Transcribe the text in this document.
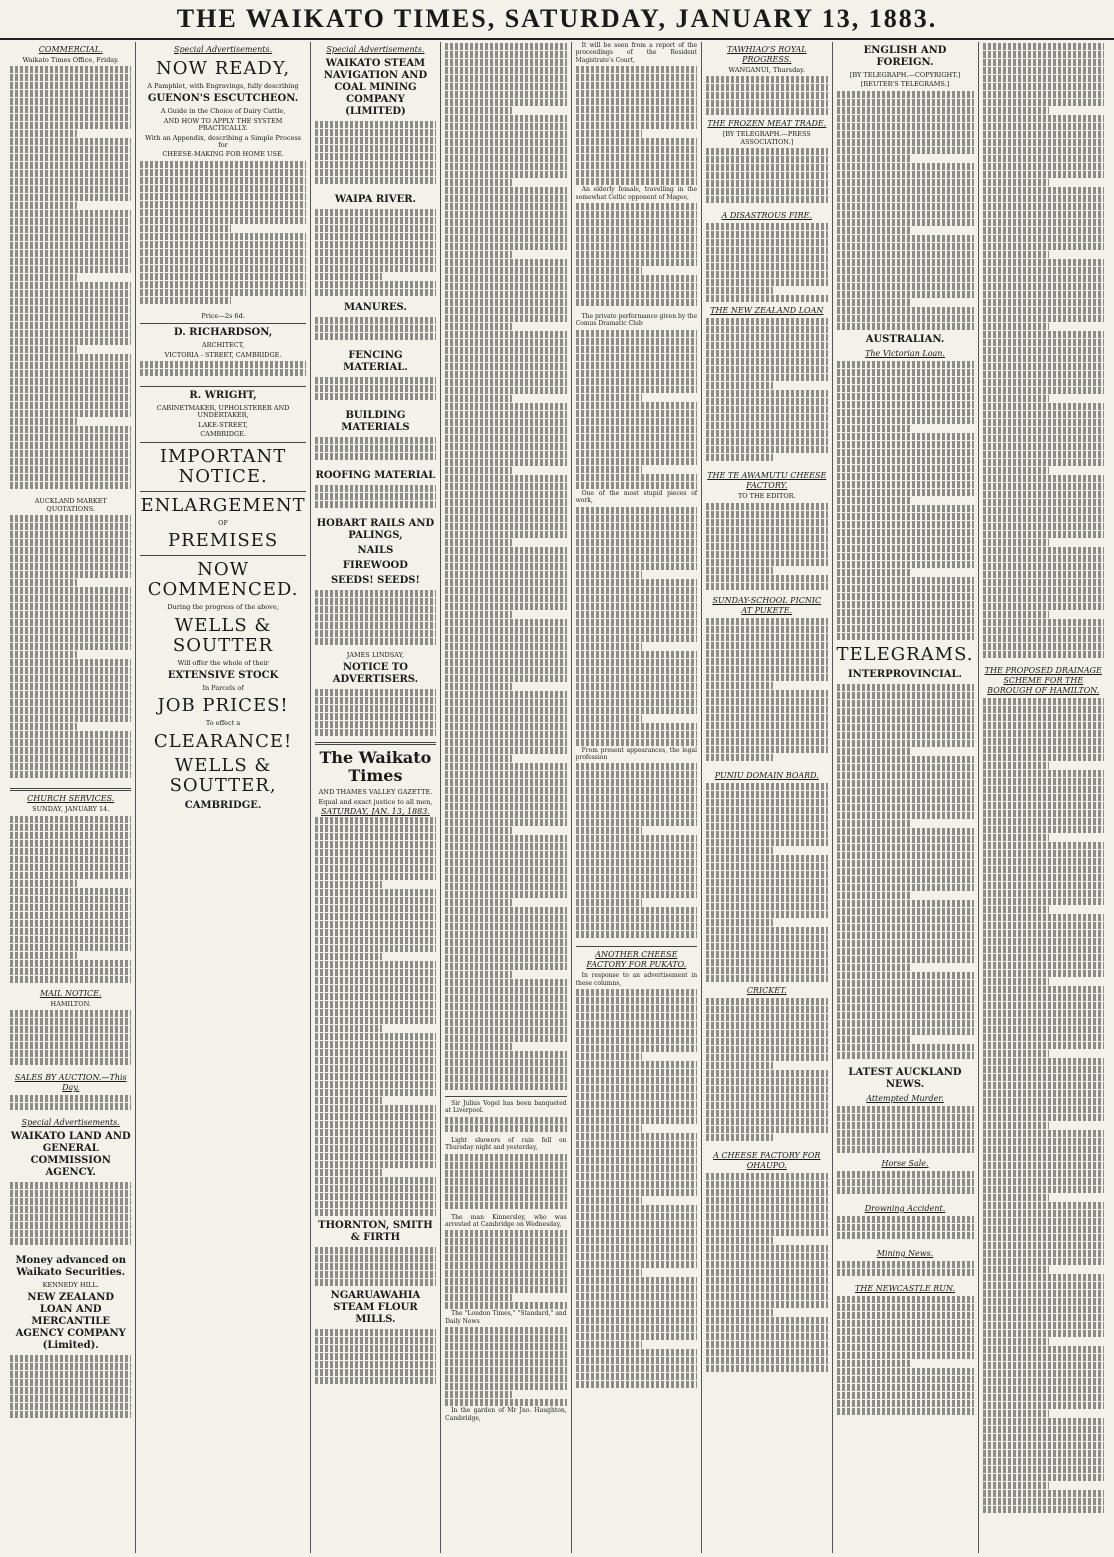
THE WAIKATO TIMES, SATURDAY, JANUARY 13, 1883.
COMMERCIAL.
Waikato Times Office, Friday.
AUCKLAND MARKET QUOTATIONS.
CHURCH SERVICES.
SUNDAY, JANUARY 14.
MAIL NOTICE.
HAMILTON.
SALES BY AUCTION.—This Day.
Special Advertisements.
WAIKATO LAND AND GENERAL COMMISSION AGENCY.
Money advanced on Waikato Securities.
KENNEDY HILL.
NEW ZEALAND LOAN AND MERCANTILE AGENCY COMPANY (Limited).
Special Advertisements.
NOW READY,
A Pamphlet, with Engravings, fully describing
GUENON'S ESCUTCHEON.
A Guide in the Choice of Dairy Cattle,
AND HOW TO APPLY THE SYSTEM PRACTICALLY.
With an Appendix, describing a Simple Process for
CHEESE-MAKING FOR HOME USE.
Price—2s 6d.
D. RICHARDSON,
ARCHITECT,
VICTORIA - STREET, CAMBRIDGE.
R. WRIGHT,
CABINETMAKER, UPHOLSTERER AND UNDERTAKER,
LAKE-STREET,
CAMBRIDGE.
IMPORTANT NOTICE.
ENLARGEMENT
OF
PREMISES
NOW COMMENCED.
During the progress of the above,
WELLS & SOUTTER
Will offer the whole of their
EXTENSIVE STOCK
In Parcels of
JOB PRICES!
To effect a
CLEARANCE!
WELLS & SOUTTER,
CAMBRIDGE.
Special Advertisements.
WAIKATO STEAM NAVIGATION AND COAL MINING COMPANY (LIMITED)
WAIPA RIVER.
MANURES.
FENCING MATERIAL.
BUILDING MATERIALS
ROOFING MATERIAL
HOBART RAILS AND PALINGS,
NAILS
FIREWOOD
SEEDS! SEEDS!
JAMES LINDSAY,
NOTICE TO ADVERTISERS.
The Waikato Times
AND THAMES VALLEY GAZETTE.
Equal and exact justice to all men,
SATURDAY, JAN. 13, 1883.
THORNTON, SMITH & FIRTH
NGARUAWAHIA STEAM FLOUR MILLS.

Sir Julius Vogel has been banqueted at Liverpool.

Light showers of rain fell on Thursday night and yesterday,

The man Kinnersley, who was arrested at Cambridge on Wednesday,

The "London Times," "Standard," and Daily News

In the garden of Mr Jno. Haughton, Cambridge,

It will be seen from a report of the proceedings of the Resident Magistrate's Court,

An elderly female, travelling in the somewhat Celtic opponent of Magee,

The private performance given by the Comus Dramatic Club

One of the most stupid pieces of work,

From present appearances, the legal profession

ANOTHER CHEESE FACTORY FOR PUKATO.

In response to an advertisement in these columns,

TAWHIAO'S ROYAL PROGRESS.
WANGANUI, Thursday.
THE FROZEN MEAT TRADE.
[BY TELEGRAPH.—PRESS ASSOCIATION.]
A DISASTROUS FIRE.
THE NEW ZEALAND LOAN
THE TE AWAMUTU CHEESE FACTORY.
TO THE EDITOR.
SUNDAY-SCHOOL PICNIC AT PUKETE.
PUNIU DOMAIN BOARD.
CRICKET.
A CHEESE FACTORY FOR OHAUPO.
ENGLISH AND FOREIGN.
[BY TELEGRAPH.—COPYRIGHT.]
[REUTER'S TELEGRAMS.]
AUSTRALIAN.
The Victorian Loan.
TELEGRAMS.
INTERPROVINCIAL.
LATEST AUCKLAND NEWS.
Attempted Murder.
Horse Sale.
Drowning Accident.
Mining News.
THE NEWCASTLE RUN.
THE PROPOSED DRAINAGE SCHEME FOR THE BOROUGH OF HAMILTON.
